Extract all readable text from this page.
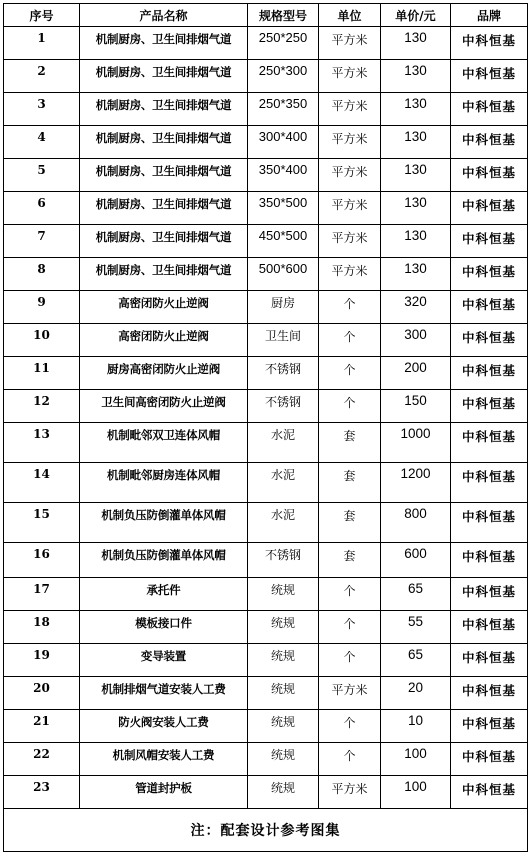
序号	产品名称	规格型号	单位	单价/元	品牌
1	机制厨房、卫生间排烟气道	250*250	平方米	130	中科恒基
2	机制厨房、卫生间排烟气道	250*300	平方米	130	中科恒基
3	机制厨房、卫生间排烟气道	250*350	平方米	130	中科恒基
4	机制厨房、卫生间排烟气道	300*400	平方米	130	中科恒基
5	机制厨房、卫生间排烟气道	350*400	平方米	130	中科恒基
6	机制厨房、卫生间排烟气道	350*500	平方米	130	中科恒基
7	机制厨房、卫生间排烟气道	450*500	平方米	130	中科恒基
8	机制厨房、卫生间排烟气道	500*600	平方米	130	中科恒基
9	高密闭防火止逆阀	厨房	个	320	中科恒基
10	高密闭防火止逆阀	卫生间	个	300	中科恒基
11	厨房高密闭防火止逆阀	不锈钢	个	200	中科恒基
12	卫生间高密闭防火止逆阀	不锈钢	个	150	中科恒基
13	机制毗邻双卫连体风帽	水泥	套	1000	中科恒基
14	机制毗邻厨房连体风帽	水泥	套	1200	中科恒基
15	机制负压防倒灌单体风帽	水泥	套	800	中科恒基
16	机制负压防倒灌单体风帽	不锈钢	套	600	中科恒基
17	承托件	统规	个	65	中科恒基
18	模板接口件	统规	个	55	中科恒基
19	变导装置	统规	个	65	中科恒基
20	机制排烟气道安装人工费	统规	平方米	20	中科恒基
21	防火阀安装人工费	统规	个	10	中科恒基
22	机制风帽安装人工费	统规	个	100	中科恒基
23	管道封护板	统规	平方米	100	中科恒基
注：配套设计参考图集					
